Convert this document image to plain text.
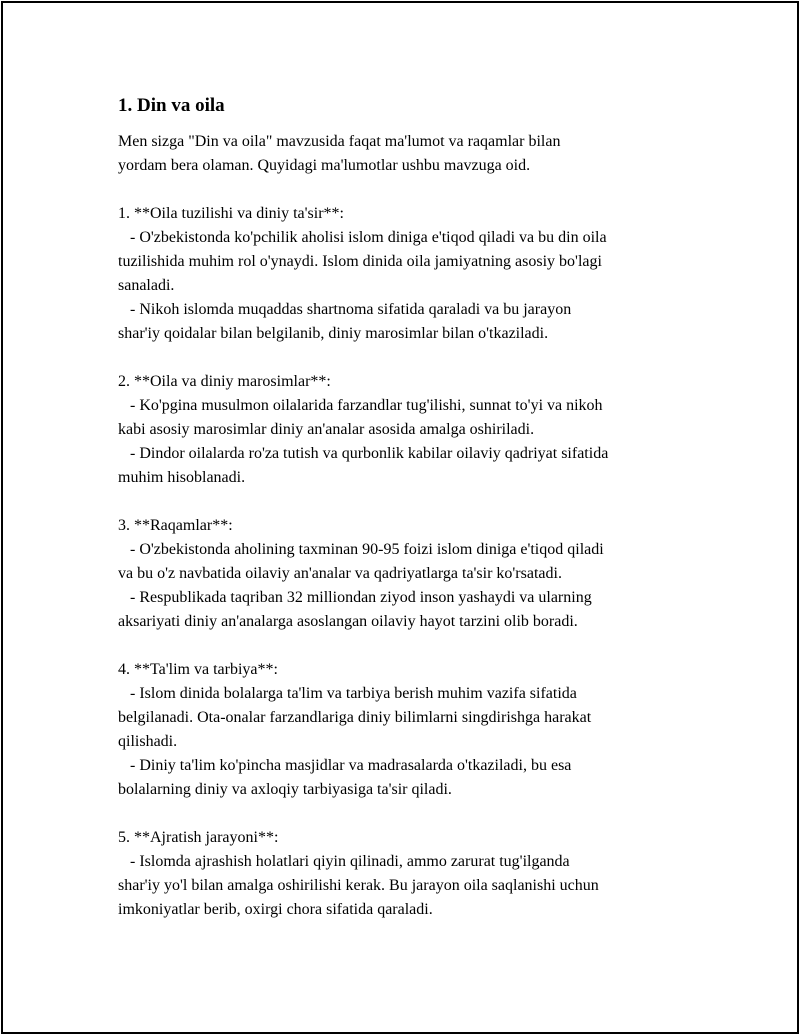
1. Din va oila

Men sizga "Din va oila" mavzusida faqat ma'lumot va raqamlar bilan
yordam bera olaman. Quyidagi ma'lumotlar ushbu mavzuga oid.

1. **Oila tuzilishi va diniy ta'sir**:
- O'zbekistonda ko'pchilik aholisi islom diniga e'tiqod qiladi va bu din oila
tuzilishida muhim rol o'ynaydi. Islom dinida oila jamiyatning asosiy bo'lagi
sanaladi.
- Nikoh islomda muqaddas shartnoma sifatida qaraladi va bu jarayon
shar'iy qoidalar bilan belgilanib, diniy marosimlar bilan o'tkaziladi.

2. **Oila va diniy marosimlar**:
- Ko'pgina musulmon oilalarida farzandlar tug'ilishi, sunnat to'yi va nikoh
kabi asosiy marosimlar diniy an'analar asosida amalga oshiriladi.
- Dindor oilalarda ro'za tutish va qurbonlik kabilar oilaviy qadriyat sifatida
muhim hisoblanadi.

3. **Raqamlar**:
- O'zbekistonda aholining taxminan 90-95 foizi islom diniga e'tiqod qiladi
va bu o'z navbatida oilaviy an'analar va qadriyatlarga ta'sir ko'rsatadi.
- Respublikada taqriban 32 milliondan ziyod inson yashaydi va ularning
aksariyati diniy an'analarga asoslangan oilaviy hayot tarzini olib boradi.

4. **Ta'lim va tarbiya**:
- Islom dinida bolalarga ta'lim va tarbiya berish muhim vazifa sifatida
belgilanadi. Ota-onalar farzandlariga diniy bilimlarni singdirishga harakat
qilishadi.
- Diniy ta'lim ko'pincha masjidlar va madrasalarda o'tkaziladi, bu esa
bolalarning diniy va axloqiy tarbiyasiga ta'sir qiladi.

5. **Ajratish jarayoni**:
- Islomda ajrashish holatlari qiyin qilinadi, ammo zarurat tug'ilganda
shar'iy yo'l bilan amalga oshirilishi kerak. Bu jarayon oila saqlanishi uchun
imkoniyatlar berib, oxirgi chora sifatida qaraladi.
